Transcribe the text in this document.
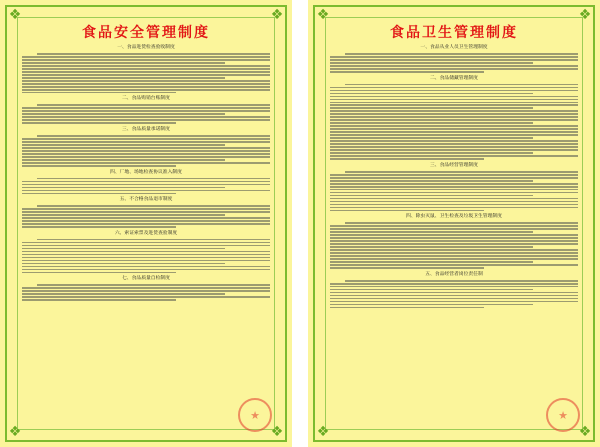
❖	❖
❖	❖
食品安全管理制度
一、食品进货检查验收制度
二、食品购销台账制度
三、食品质量承诺制度
四、厂地、场地检查协议准入制度
五、不合格食品退市制度
六、索证索票及进货查验制度
七、食品质量自检制度
★
❖	❖
❖	❖
食品卫生管理制度
一、食品从业人员卫生管理制度
二、食品储藏管理制度
三、食品经营管理制度
四、除虫灭鼠、卫生检查及垃圾卫生管理制度
五、食品经营者岗位责任制
★
